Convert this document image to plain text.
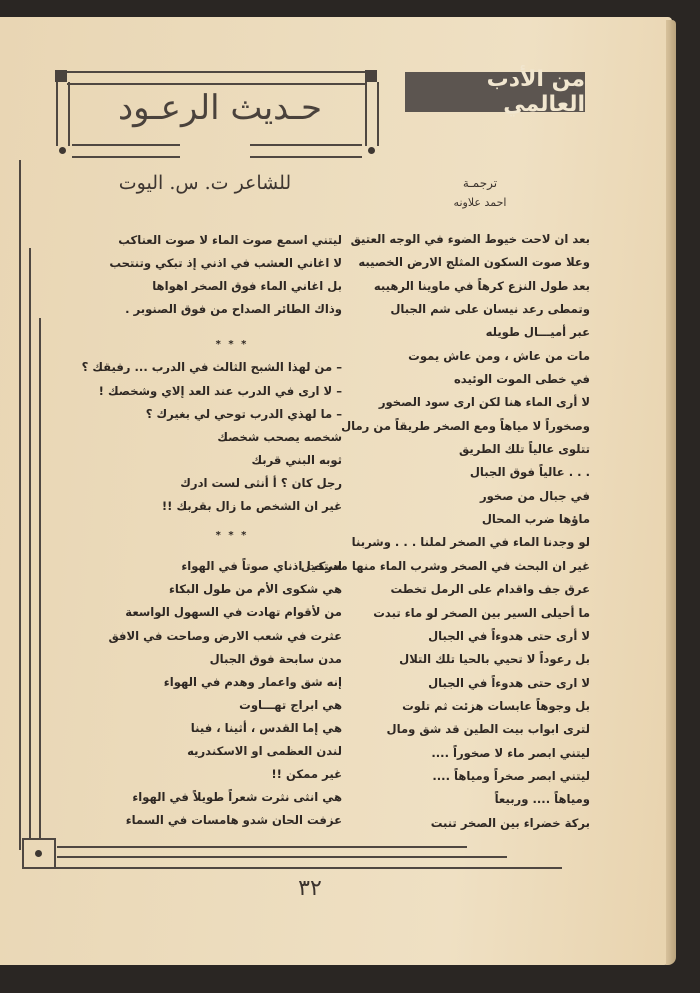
من الأدب العالمي
حـديث الرعـود
للشاعر ت. س. اليوت	ترجمـة
احمد علاونه
بعد ان لاحت خيوط الضوء في الوجه العتيق
وعلا صوت السكون المثلج الارض الخصيبه
بعد طول النزع كرهاً في ماوينا الرهيبه
وتمطى رعد نيسان على شم الجبال
عبر أميـــال طويله
مات من عاش ، ومن عاش يموت
في خطى الموت الوئيده
لا أرى الماء هنا لكن ارى سود الصخور
وصخوراً لا مياهاً ومع الصخر طريقاً من رمال
تتلوى عالياً تلك الطريق
. . . عالياً فوق الجبال
في جبال من صخور
ماؤها ضرب المحال
لو وجدنا الماء في الصخر لملنا . . . وشربنا
غير ان البحث في الصخر وشرب الماء منها مستحيل
عرق جف واقدام على الرمل تخطت
ما أحيلى السير بين الصخر لو ماء تبدت
لا أرى حتى هدوءاً في الجبال
بل رعوداً لا تحيي بالحيا تلك التلال
لا ارى حتى هدوءاً في الجبال
بل وجوهاً عابسات هزئت ثم تلوت
لترى ابواب بيت الطين قد شق ومال
ليتني ابصر ماء لا صخوراً ....
ليتني ابصر صخراً ومياهاً ....
ومياهاً .... وربيعاً
بركة خضراء بين الصخر تنبت
ليتني اسمع صوت الماء لا صوت العناكب
لا اغاني العشب في اذني إذ تبكي وتنتحب
بل اغاني الماء فوق الصخر اهواها
وذاك الطائر الصداح من فوق الصنوبر .
* * *
– من لهذا الشبح الثالث في الدرب ... رفيقك ؟
– لا ارى في الدرب عند العد إلاي وشخصك !
– ما لهذي الدرب توحي لي بغيرك ؟
شخصه يصحب شخصك
ثوبه البني قربك
رجل كان ؟ أ أنثى لست ادرك
غير ان الشخص ما زال بقربك !!
* * *
ادركت اذناي صوتاً في الهواء
هي شكوى الأم من طول البكاء
من لأقوام تهادت في السهول الواسعة
عثرت في شعب الارض وصاحت في الافق
مدن سابحة فوق الجبال
إنه شق واعمار وهدم في الهواء
هي ابراج تهـــاوت
هي إما القدس ، أثينا ، فينا
لندن العظمى او الاسكندريه
غير ممكن !!
هي انثى نثرت شعراً طويلاً في الهواء
عزفت الحان شدو هامسات في السماء
٣٢
